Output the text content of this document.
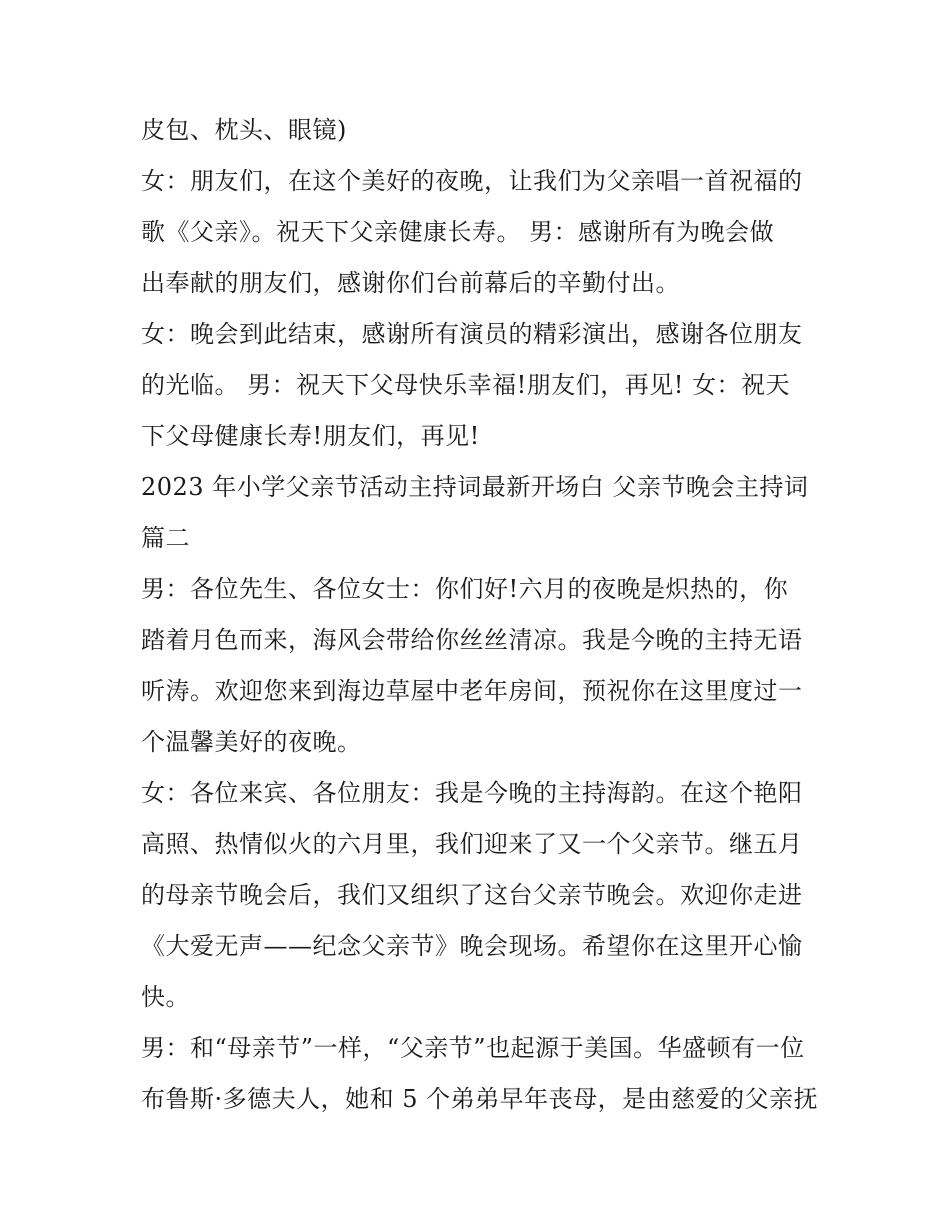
皮包、枕头、眼镜)

女：朋友们，在这个美好的夜晚，让我们为父亲唱一首祝福的
歌《父亲》。祝天下父亲健康长寿。 男：感谢所有为晚会做
出奉献的朋友们，感谢你们台前幕后的辛勤付出。

女：晚会到此结束，感谢所有演员的精彩演出，感谢各位朋友
的光临。 男：祝天下父母快乐幸福!朋友们，再见! 女：祝天
下父母健康长寿!朋友们，再见!

2023 年小学父亲节活动主持词最新开场白 父亲节晚会主持词
篇二

男：各位先生、各位女士：你们好!六月的夜晚是炽热的，你
踏着月色而来，海风会带给你丝丝清凉。我是今晚的主持无语
听涛。欢迎您来到海边草屋中老年房间，预祝你在这里度过一
个温馨美好的夜晚。

女：各位来宾、各位朋友：我是今晚的主持海韵。在这个艳阳
高照、热情似火的六月里，我们迎来了又一个父亲节。继五月
的母亲节晚会后，我们又组织了这台父亲节晚会。欢迎你走进
《大爱无声——纪念父亲节》晚会现场。希望你在这里开心愉
快。

男：和“母亲节”一样，“父亲节”也起源于美国。华盛顿有一位
布鲁斯·多德夫人，她和 5 个弟弟早年丧母，是由慈爱的父亲抚
